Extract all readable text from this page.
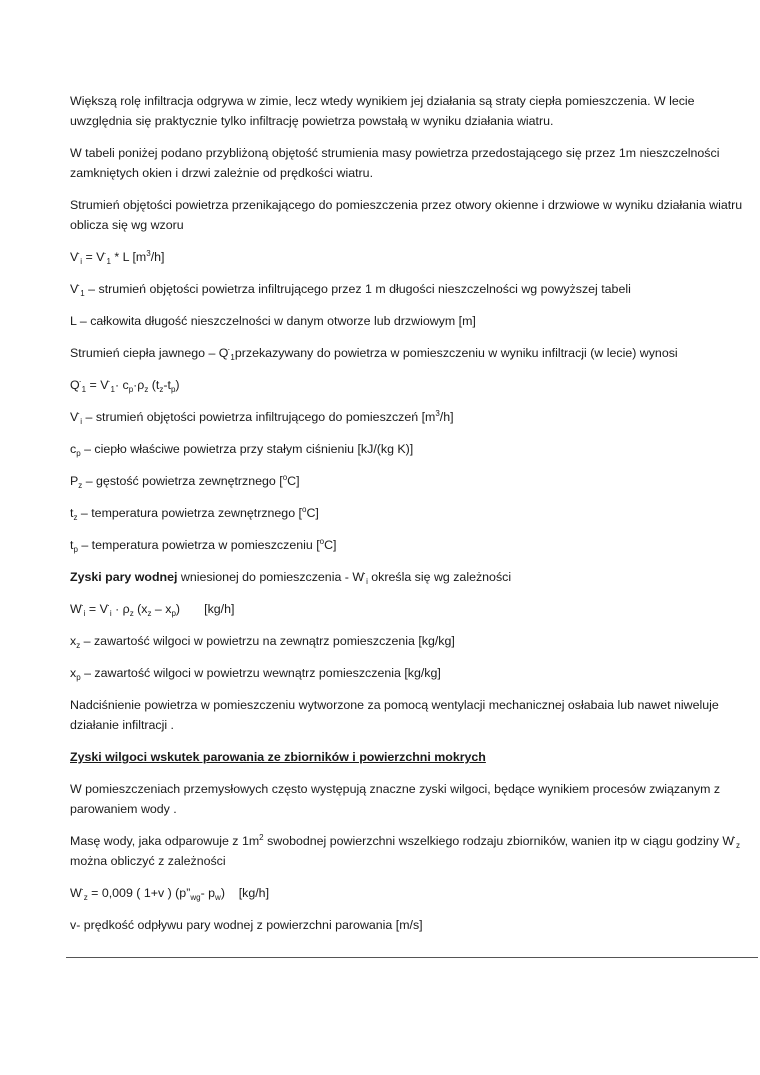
Większą rolę infiltracja odgrywa w zimie, lecz wtedy wynikiem jej działania są straty ciepła pomieszczenia. W lecie uwzględnia się praktycznie tylko infiltrację powietrza powstałą w wyniku działania wiatru.

W tabeli poniżej podano przybliżoną objętość strumienia masy powietrza przedostającego się przez 1m nieszczelności zamkniętych okien i drzwi zależnie od prędkości wiatru.

Strumień objętości powietrza przenikającego do pomieszczenia przez otwory okienne i drzwiowe w wyniku działania wiatru oblicza się wg wzoru

$V^\cdot_i = V^\cdot_1 * L$ $[m^3/h]$

$V^\cdot_1$ – strumień objętości powietrza infiltrującego przez 1 m długości nieszczelności wg powyższej tabeli

L – całkowita długość nieszczelności w danym otworze lub drzwiowym [m]

Strumień ciepła jawnego – $Q^\cdot_1przekazywany$ do powietrza w pomieszczeniu w wyniku infiltracji (w lecie) wynosi

$Q^\cdot_1 = V^\cdot_1\cdot c_p\cdot\rho_z$ $(t_z-t_p)$

$V^\cdot_i$ – strumień objętości powietrza infiltrującego do pomieszczeń $[m^3/h]$

$c_p$ – ciepło właściwe powietrza przy stałym ciśnieniu [kJ/(kg K)]

$P_z$ – gęstość powietrza zewnętrznego [$^o$C]

$t_z$ – temperatura powietrza zewnętrznego [$^o$C]

$t_p$ – temperatura powietrza w pomieszczeniu [$^o$C]

Zyski pary wodnej wniesionej do pomieszczenia - $W^\cdot_i$ określa się wg zależności

$W^\cdot_i = V^\cdot_i \cdot \rho_z$ $(x_z - x_p)$       [kg/h]

$x_z$ – zawartość wilgoci w powietrzu na zewnątrz pomieszczenia [kg/kg]

$x_p$ – zawartość wilgoci w powietrzu wewnątrz pomieszczenia [kg/kg]

Nadciśnienie powietrza w pomieszczeniu wytworzone za pomocą wentylacji mechanicznej osłabaia lub nawet niweluje działanie infiltracji .

Zyski wilgoci wskutek parowania ze zbiorników i powierzchni mokrych

W pomieszczeniach przemysłowych często występują znaczne zyski wilgoci, będące wynikiem procesów związanym z parowaniem wody .

Masę wody, jaka odparowuje z $1m^2$ swobodnej powierzchni wszelkiego rodzaju zbiorników, wanien itp w ciągu godziny $W^\cdot_z$ można obliczyć z zależności

$W^\cdot_z = 0,009$ ( 1+v ) ($p”_{wg}-$ $p_w$)    [kg/h]

v- prędkość odpływu pary wodnej z powierzchni parowania [m/s]
